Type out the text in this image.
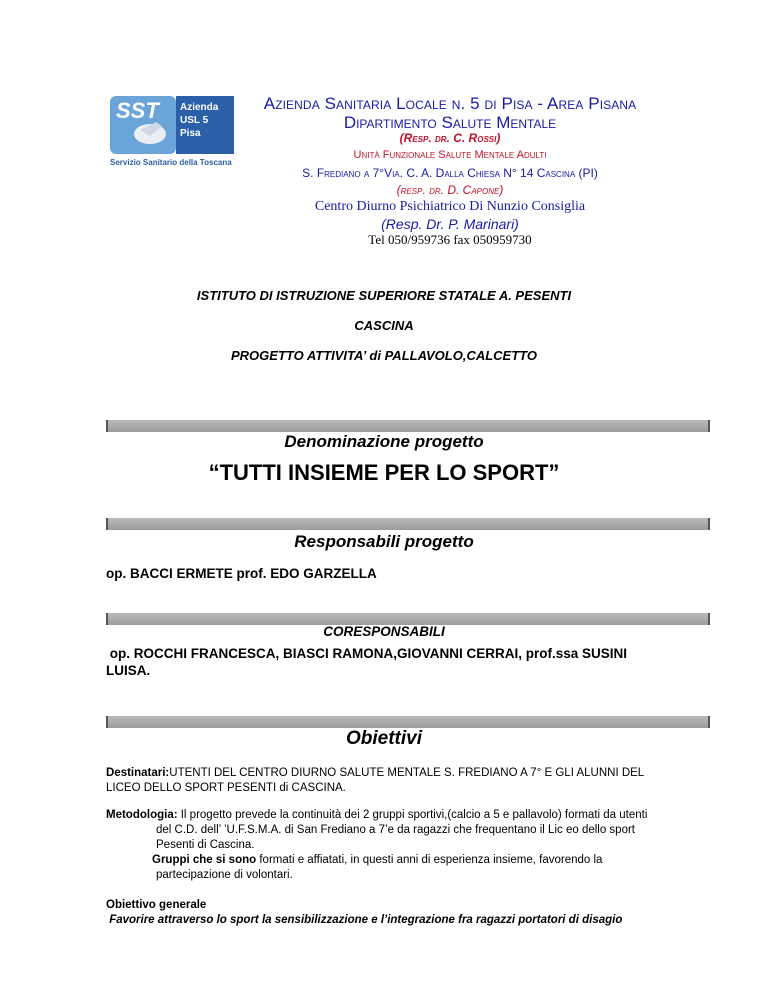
SST Azienda
USL 5
Pisa
Servizio Sanitario della Toscana
Azienda Sanitaria Locale n. 5 di Pisa - Area Pisana
Dipartimento Salute Mentale
(Resp. dr. C. Rossi)
Unità Funzionale Salute Mentale Adulti
S. Frediano a 7°Via. C. A. Dalla Chiesa N° 14 Cascina (PI)
(resp. dr. D. Capone)
Centro Diurno Psichiatrico Di Nunzio Consiglia
(Resp. Dr. P. Marinari)
Tel 050/959736 fax 050959730
ISTITUTO DI ISTRUZIONE SUPERIORE STATALE A. PESENTI
CASCINA
PROGETTO ATTIVITA’ di PALLAVOLO,CALCETTO
Denominazione progetto
“TUTTI INSIEME PER LO SPORT”
Responsabili progetto
op. BACCI ERMETE prof. EDO GARZELLA
CORESPONSABILI
op. ROCCHI FRANCESCA, BIASCI RAMONA,GIOVANNI CERRAI, prof.ssa SUSINI
LUISA.
Obiettivi
Destinatari:UTENTI DEL CENTRO DIURNO SALUTE MENTALE S. FREDIANO A 7° E GLI ALUNNI DEL
LICEO DELLO SPORT PESENTI di CASCINA.
Metodologia: Il progetto prevede la continuità dei 2 gruppi sportivi,(calcio a 5 e pallavolo) formati da utenti
del C.D. dell’ ’U.F.S.M.A. di San Frediano a 7’e da ragazzi che frequentano il Lic eo dello sport
Pesenti di Cascina.
Gruppi che si sono formati e affiatati, in questi anni di esperienza insieme, favorendo la
partecipazione di volontari.
Obiettivo generale
Favorire attraverso lo sport la sensibilizzazione e l’integrazione fra ragazzi portatori di disagio
